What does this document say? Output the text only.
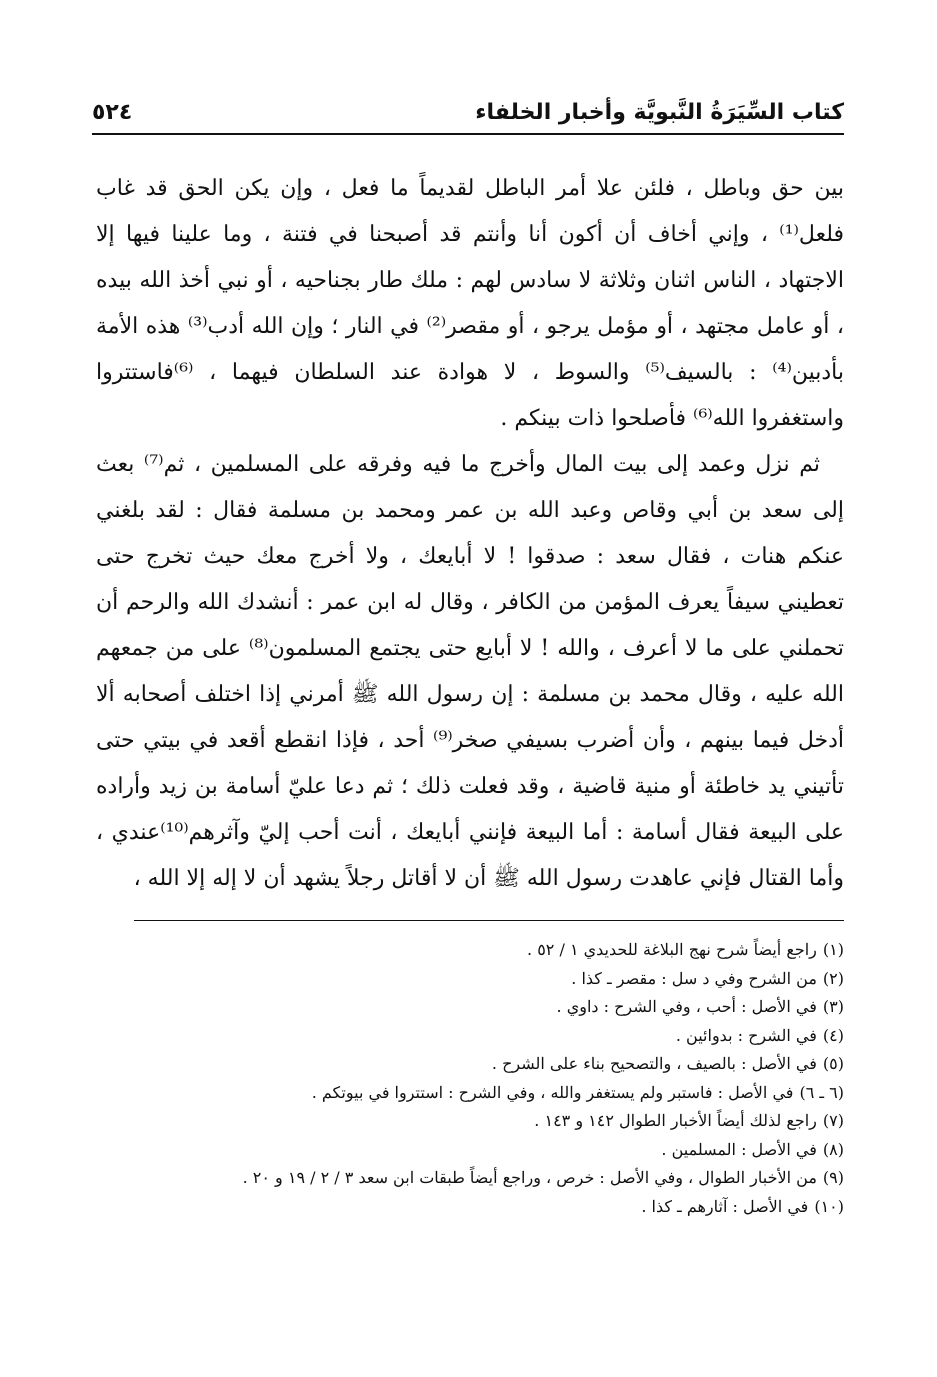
كتاب السِّيَرَةُ النَّبويَّة وأخبار الخلفاء
٥٢٤

بين حق وباطل ، فلئن علا أمر الباطل لقديماً ما فعل ، وإن يكن الحق قد غاب فلعل⁽¹⁾ ، وإني أخاف أن أكون أنا وأنتم قد أصبحنا في فتنة ، وما علينا فيها إلا الاجتهاد ، الناس اثنان وثلاثة لا سادس لهم : ملك طار بجناحيه ، أو نبي أخذ الله بيده ، أو عامل مجتهد ، أو مؤمل يرجو ، أو مقصر⁽²⁾ في النار ؛ وإن الله أدب⁽³⁾ هذه الأمة بأدبين⁽⁴⁾ : بالسيف⁽⁵⁾ والسوط ، لا هوادة عند السلطان فيهما ، ⁽⁶⁾فاستتروا واستغفروا الله⁽⁶⁾ فأصلحوا ذات بينكم .

ثم نزل وعمد إلى بيت المال وأخرج ما فيه وفرقه على المسلمين ، ثم⁽⁷⁾ بعث إلى سعد بن أبي وقاص وعبد الله بن عمر ومحمد بن مسلمة فقال : لقد بلغني عنكم هنات ، فقال سعد : صدقوا ! لا أبايعك ، ولا أخرج معك حيث تخرج حتى تعطيني سيفاً يعرف المؤمن من الكافر ، وقال له ابن عمر : أنشدك الله والرحم أن تحملني على ما لا أعرف ، والله ! لا أبايع حتى يجتمع المسلمون⁽⁸⁾ على من جمعهم الله عليه ، وقال محمد بن مسلمة : إن رسول الله ﷺ أمرني إذا اختلف أصحابه ألا أدخل فيما بينهم ، وأن أضرب بسيفي صخر⁽⁹⁾ أحد ، فإذا انقطع أقعد في بيتي حتى تأتيني يد خاطئة أو منية قاضية ، وقد فعلت ذلك ؛ ثم دعا عليّ أسامة بن زيد وأراده على البيعة فقال أسامة : أما البيعة فإنني أبايعك ، أنت أحب إليّ وآثرهم⁽¹⁰⁾عندي ، وأما القتال فإني عاهدت رسول الله ﷺ أن لا أقاتل رجلاً يشهد أن لا إله إلا الله ،

(١)راجع أيضاً شرح نهج البلاغة للحديدي ١ / ٥٢ .

(٢)من الشرح وفي د سل : مقصر ـ كذا .

(٣)في الأصل : أحب ، وفي الشرح : داوي .

(٤)في الشرح : بدوائين .

(٥)في الأصل : بالصيف ، والتصحيح بناء على الشرح .

(٦ ـ ٦)في الأصل : فاستبر ولم يستغفر والله ، وفي الشرح : استتروا في بيوتكم .

(٧)راجع لذلك أيضاً الأخبار الطوال ١٤٢ و ١٤٣ .

(٨)في الأصل : المسلمين .

(٩)من الأخبار الطوال ، وفي الأصل : خرص ، وراجع أيضاً طبقات ابن سعد ٣ / ٢ / ١٩ و ٢٠ .

(١٠)في الأصل : آثارهم ـ كذا .
